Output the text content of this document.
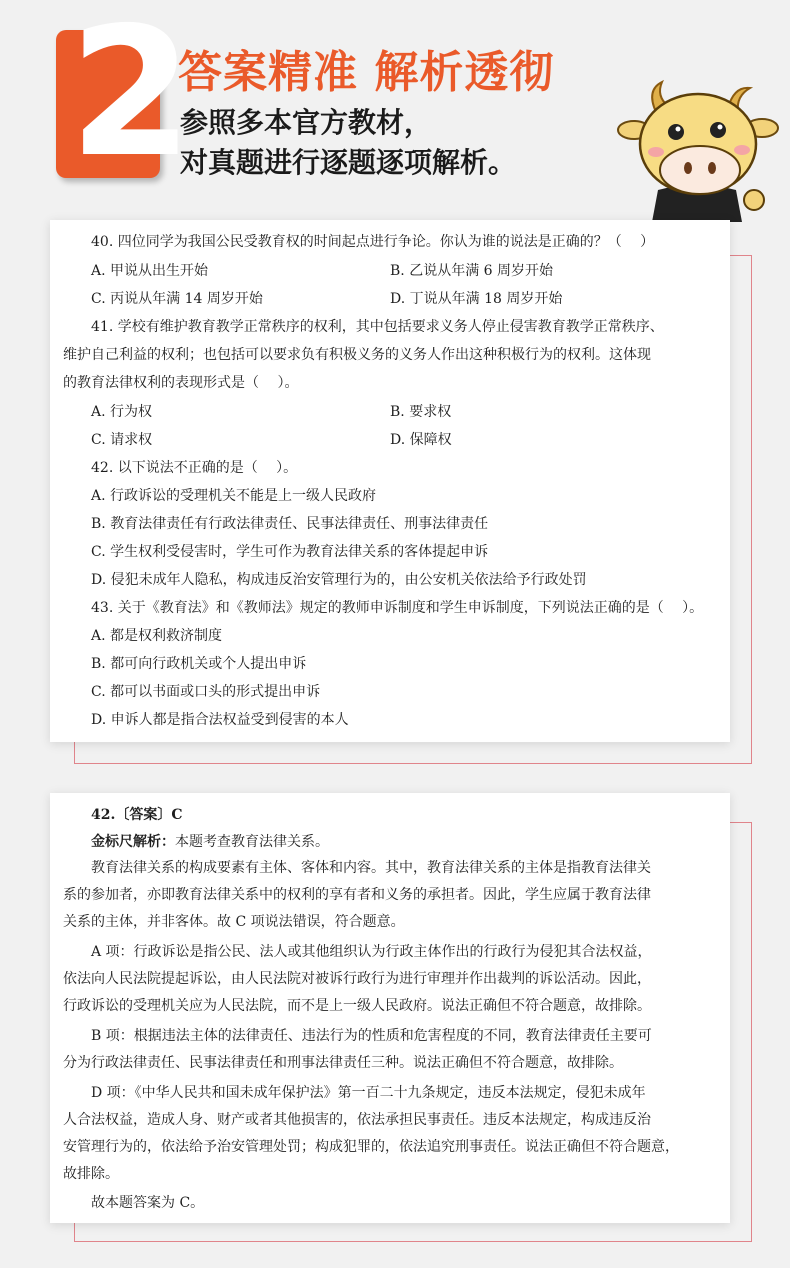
2
答案精准 解析透彻
参照多本官方教材，
对真题进行逐题逐项解析。
40. 四位同学为我国公民受教育权的时间起点进行争论。你认为谁的说法是正确的？（　 ）
A. 甲说从出生开始	B. 乙说从年满 6 周岁开始
C. 丙说从年满 14 周岁开始	D. 丁说从年满 18 周岁开始
41. 学校有维护教育教学正常秩序的权利，其中包括要求义务人停止侵害教育教学正常秩序、
维护自己利益的权利；也包括可以要求负有积极义务的义务人作出这种积极行为的权利。这体现
的教育法律权利的表现形式是（　 ）。
A. 行为权	B. 要求权
C. 请求权	D. 保障权
42. 以下说法不正确的是（　 ）。
A. 行政诉讼的受理机关不能是上一级人民政府
B. 教育法律责任有行政法律责任、民事法律责任、刑事法律责任
C. 学生权利受侵害时，学生可作为教育法律关系的客体提起申诉
D. 侵犯未成年人隐私，构成违反治安管理行为的，由公安机关依法给予行政处罚
43. 关于《教育法》和《教师法》规定的教师申诉制度和学生申诉制度，下列说法正确的是（　 ）。
A. 都是权利救济制度
B. 都可向行政机关或个人提出申诉
C. 都可以书面或口头的形式提出申诉
D. 申诉人都是指合法权益受到侵害的本人
42.〔答案〕C
金标尺解析：本题考查教育法律关系。
教育法律关系的构成要素有主体、客体和内容。其中，教育法律关系的主体是指教育法律关
系的参加者，亦即教育法律关系中的权利的享有者和义务的承担者。因此，学生应属于教育法律
关系的主体，并非客体。故 C 项说法错误，符合题意。
A 项：行政诉讼是指公民、法人或其他组织认为行政主体作出的行政行为侵犯其合法权益，
依法向人民法院提起诉讼，由人民法院对被诉行政行为进行审理并作出裁判的诉讼活动。因此，
行政诉讼的受理机关应为人民法院，而不是上一级人民政府。说法正确但不符合题意，故排除。
B 项：根据违法主体的法律责任、违法行为的性质和危害程度的不同，教育法律责任主要可
分为行政法律责任、民事法律责任和刑事法律责任三种。说法正确但不符合题意，故排除。
D 项：《中华人民共和国未成年保护法》第一百二十九条规定，违反本法规定，侵犯未成年
人合法权益，造成人身、财产或者其他损害的，依法承担民事责任。违反本法规定，构成违反治
安管理行为的，依法给予治安管理处罚；构成犯罪的，依法追究刑事责任。说法正确但不符合题意，
故排除。
故本题答案为 C。
